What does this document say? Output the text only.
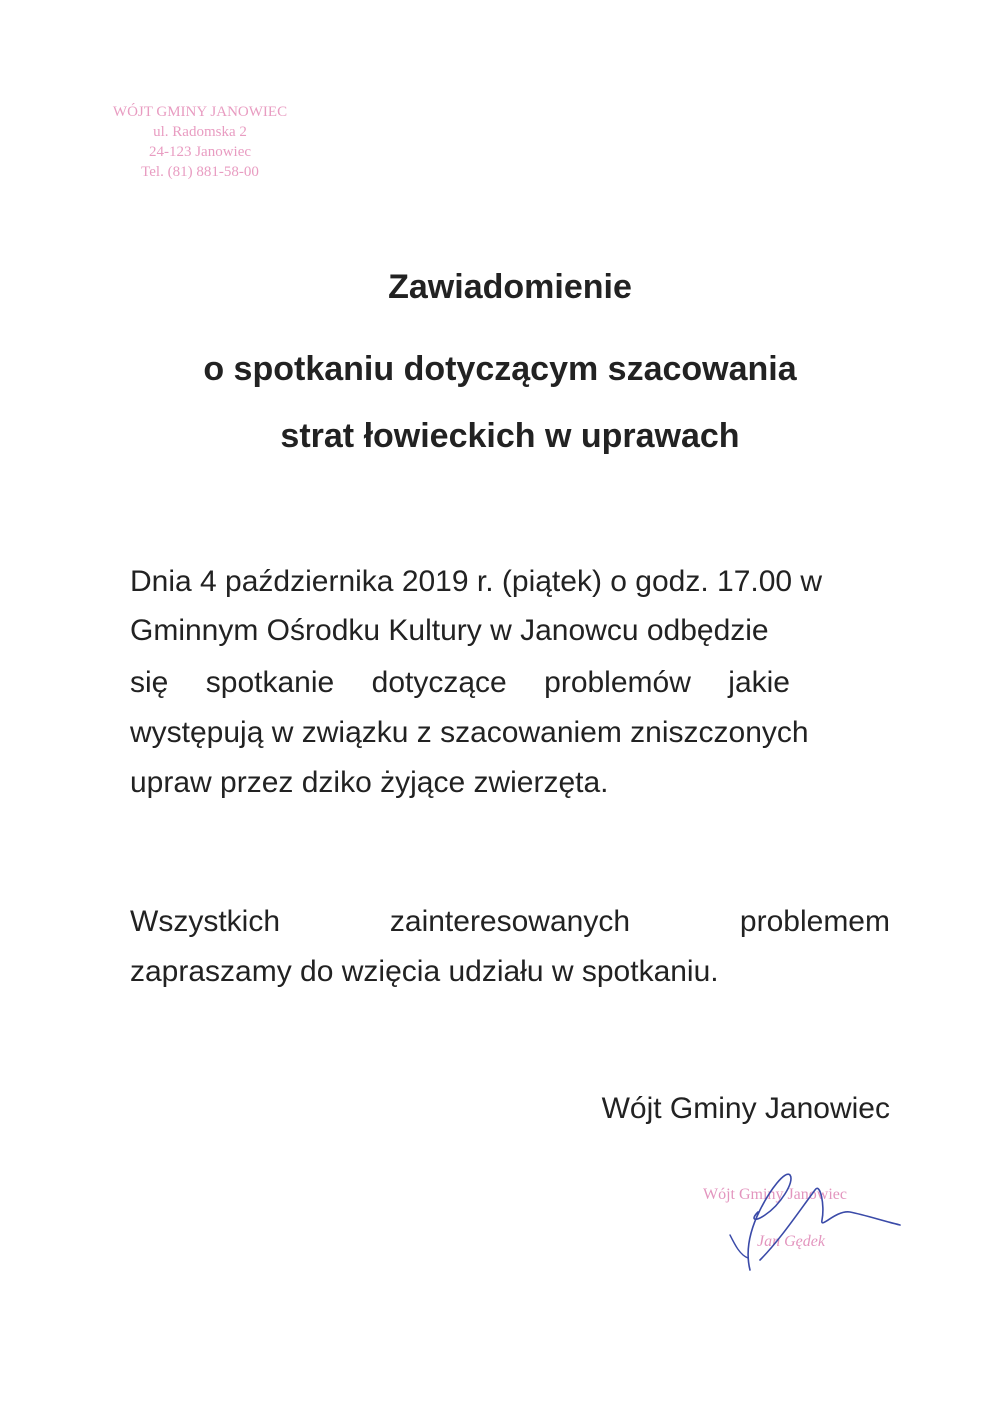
WÓJT GMINY JANOWIEC
ul. Radomska 2
24-123 Janowiec
Tel. (81) 881-58-00
Zawiadomienie
o spotkaniu dotyczącym szacowania
strat łowieckich w uprawach
Dnia 4 października 2019 r. (piątek) o godz. 17.00 w
Gminnym Ośrodku Kultury w Janowcu odbędzie
się spotkanie dotyczące problemów jakie
występują w związku z szacowaniem zniszczonych
upraw przez dziko żyjące zwierzęta.
Wszystkich	zainteresowanych	problemem
zapraszamy do wzięcia udziału w spotkaniu.
Wójt Gminy Janowiec
Wójt Gminy Janowiec
Jan Gędek
